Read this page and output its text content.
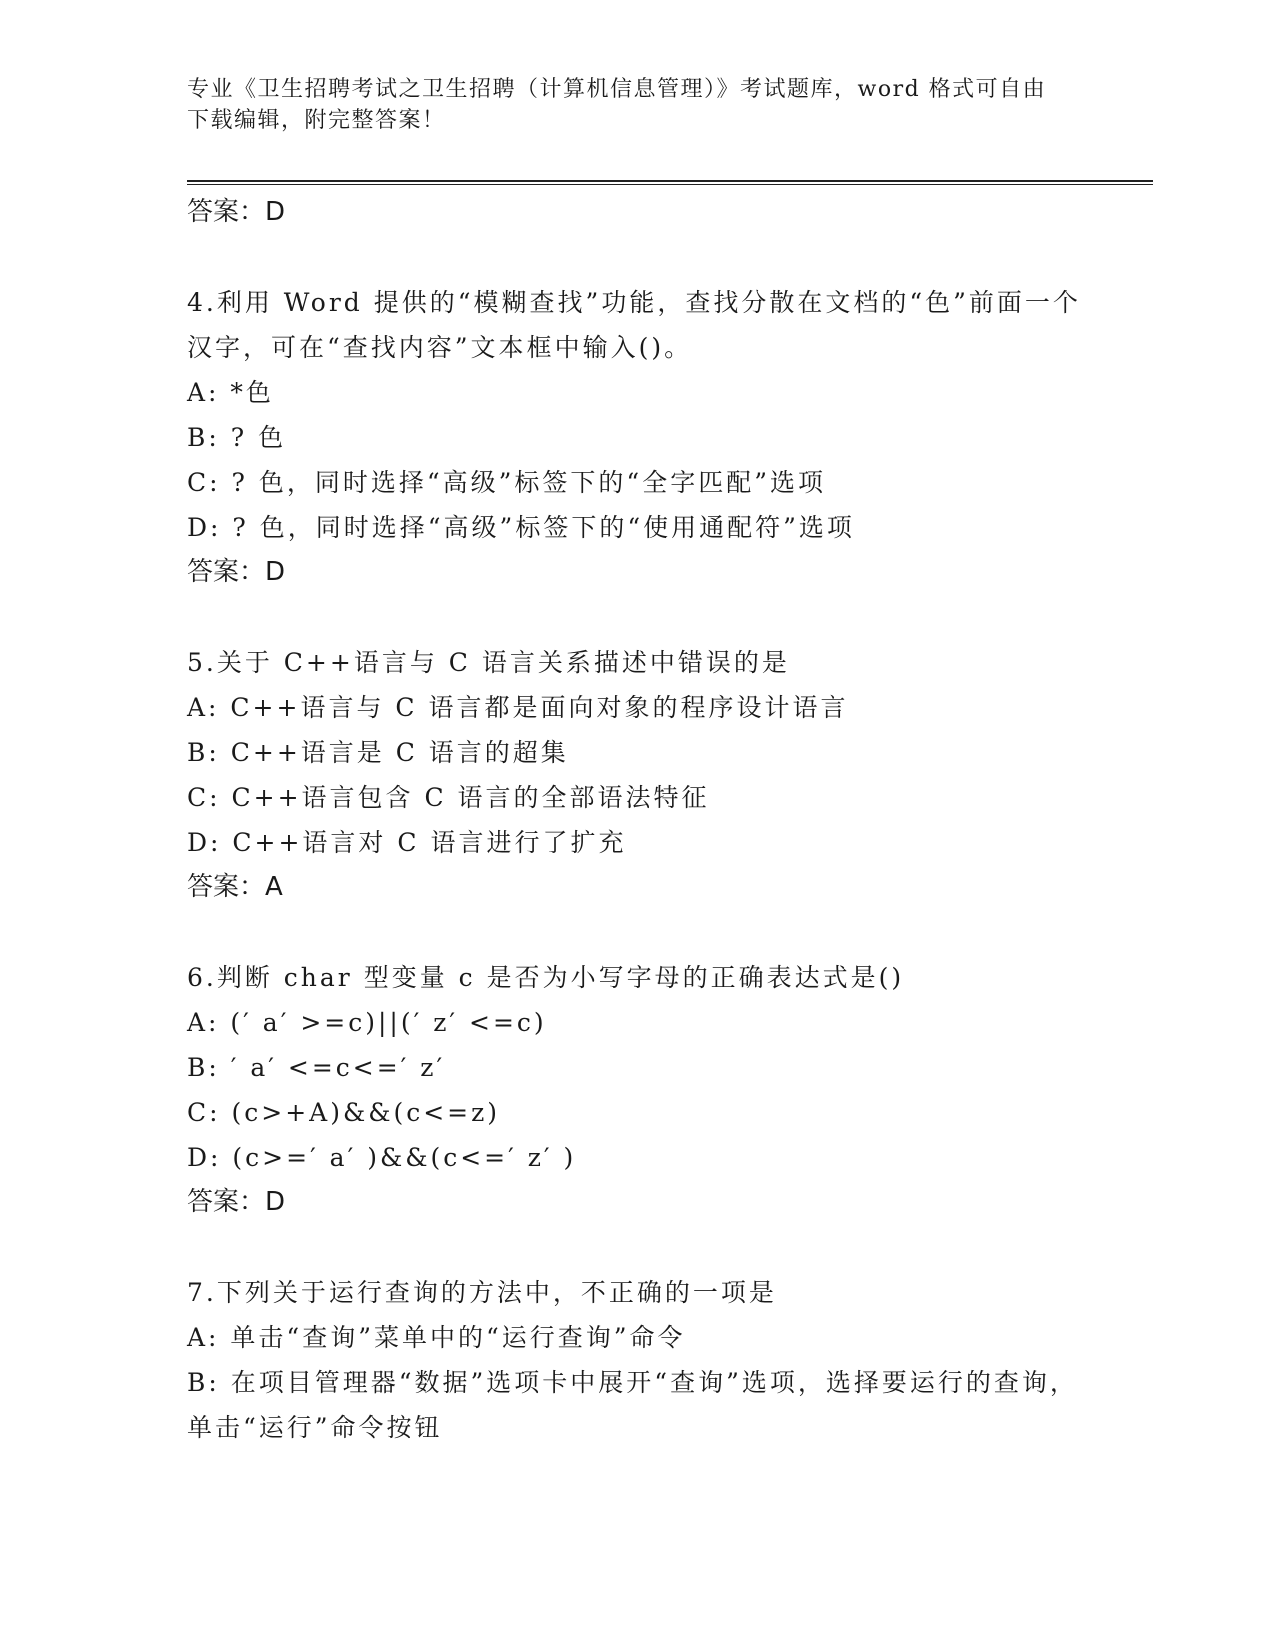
专业《卫生招聘考试之卫生招聘（计算机信息管理）》考试题库，word 格式可自由下载编辑，附完整答案！
答案：D
4.利用 Word 提供的“模糊查找”功能，查找分散在文档的“色”前面一个汉字，可在“查找内容”文本框中输入()。
A: *色
B: ? 色
C: ? 色，同时选择“高级”标签下的“全字匹配”选项
D: ? 色，同时选择“高级”标签下的“使用通配符”选项
答案：D
5.关于 C++语言与 C 语言关系描述中错误的是
A: C++语言与 C 语言都是面向对象的程序设计语言
B: C++语言是 C 语言的超集
C: C++语言包含 C 语言的全部语法特征
D: C++语言对 C 语言进行了扩充
答案：A
6.判断 char 型变量 c 是否为小写字母的正确表达式是()
A: (′ a′ >=c)||(′ z′ <=c)
B: ′ a′ <=c<=′ z′
C: (c>+A)&&(c<=z)
D: (c>=′ a′ )&&(c<=′ z′ )
答案：D
7.下列关于运行查询的方法中，不正确的一项是
A: 单击“查询”菜单中的“运行查询”命令
B: 在项目管理器“数据”选项卡中展开“查询”选项，选择要运行的查询，单击“运行”命令按钮
